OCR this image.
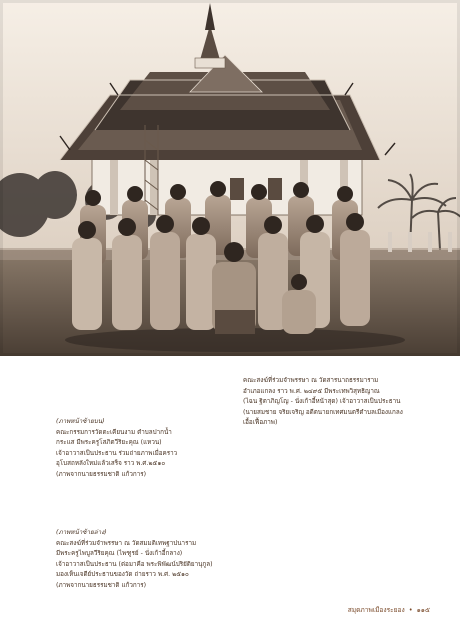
คณะสงฆ์ที่ร่วมจำพรรษา ณ วัดสารนาถธรรมาราม
อำเภอแกลง ราว พ.ศ. ๒๔๙๕ มีพระเทพวิสุทธิญาณ
(ไฉน ฐิตาภิญโญ - นั่งเก้าอี้หน้าสุด) เจ้าอาวาสเป็นประธาน
(นายสมชาย จริยเจริญ อดีตนายกเทศมนตรีตำบลเมืองแกลง
เอื้อเฟื้อภาพ)
(ภาพหน้าซ้ายบน)
คณะกรรมการวัดตะเคียนงาม ตำบลปากน้ำ
กระแส มีพระครูโสภิตวีริยะคุณ (แหวน)
เจ้าอาวาสเป็นประธาน ร่วมถ่ายภาพเมื่อคราว
อุโบสถหลังใหม่แล้วเสร็จ ราว พ.ศ.๒๕๑๐
(ภาพจากนายธรรมชาติ แก้วการ)
(ภาพหน้าซ้ายล่าง)
คณะสงฆ์ที่ร่วมจำพรรษา ณ วัดสมมติเทพฐาปนาราม
มีพระครูไพบูลวีริยคุณ (ไพฑูรย์ - นั่งเก้าอี้กลาง)
เจ้าอาวาสเป็นประธาน (ต่อมาคือ พระพิพัฒน์ปริยัติยานุกูล)
มองเห็นเจดีย์ประธานของวัด ถ่ายราว พ.ศ. ๒๕๑๐
(ภาพจากนายธรรมชาติ แก้วการ)
สมุดภาพเมืองระยอง • ๑๑๕
